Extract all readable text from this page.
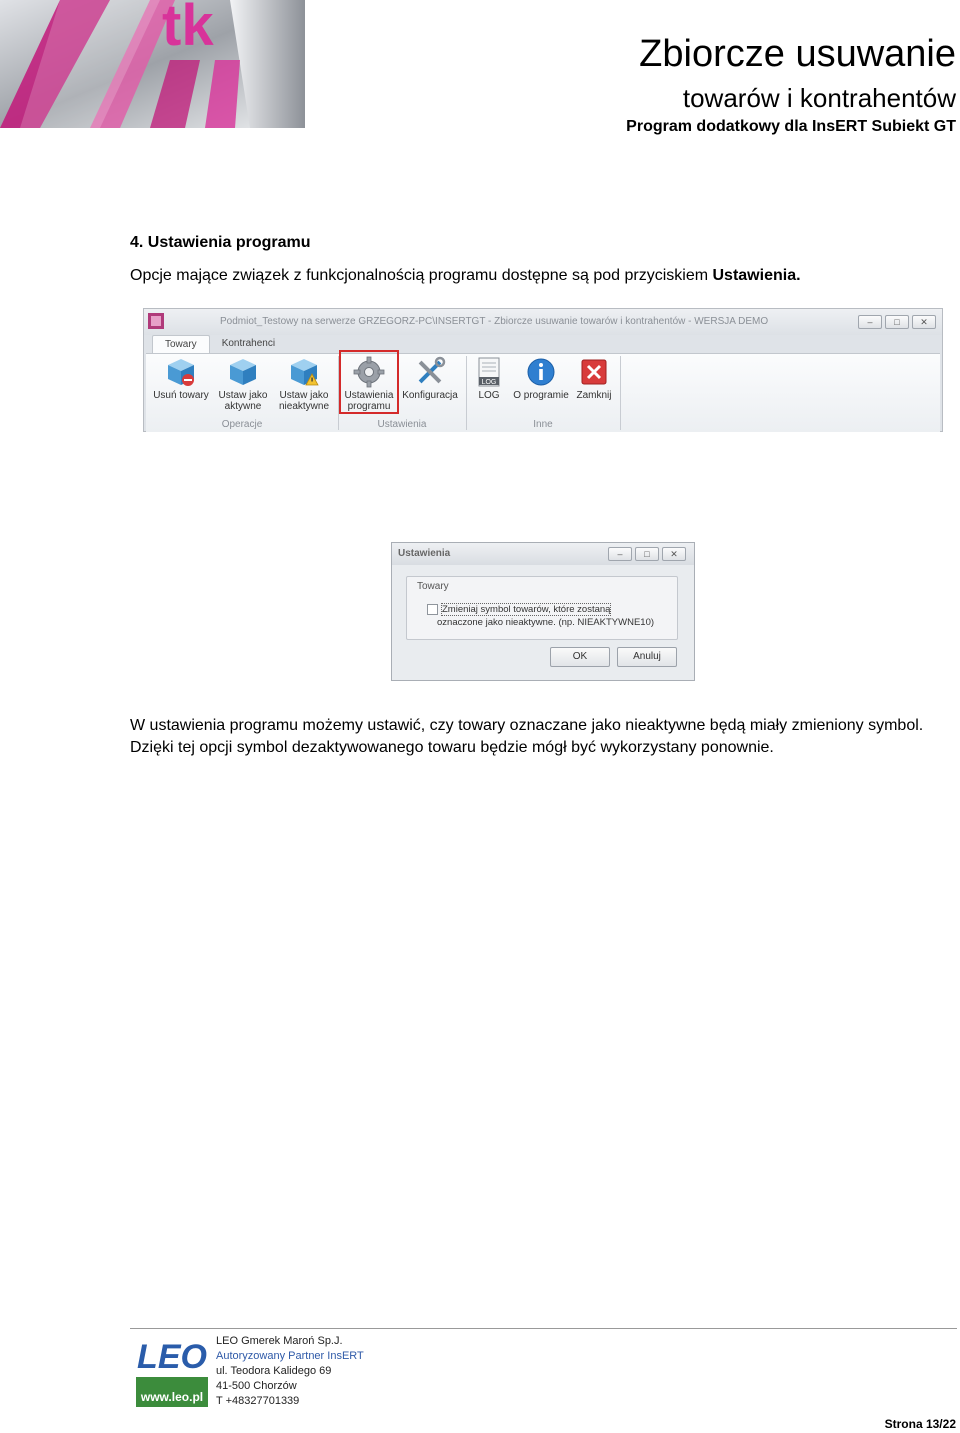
tk	Zbiorcze usuwanie
towarów i kontrahentów
Program dodatkowy dla InsERT Subiekt GT
4. Ustawienia programu
Opcje mające związek z funkcjonalnością programu dostępne są pod przyciskiem Ustawienia.
Podmiot_Testowy na serwerze GRZEGORZ-PC\INSERTGT - Zbiorcze usuwanie towarów i kontrahentów - WERSJA DEMO	–	□	✕
Towary	Kontrahenci
Usuń towary Ustaw jako aktywne
Ustaw jako nieaktywne
Ustawienia programu
Konfiguracja
LOG
LOG	O programie Zamknij
Operacje	Ustawienia	Inne
Ustawienia	–	□	✕
Towary
Zmieniaj symbol towarów, które zostaną

oznaczone jako nieaktywne. (np. NIEAKTYWNE10)
OK	Anuluj
W ustawienia programu możemy ustawić, czy towary oznaczane jako nieaktywne będą miały zmieniony symbol.
Dzięki tej opcji symbol dezaktywowanego towaru będzie mógł być wykorzystany ponownie.
LEO
www.leo.pl
LEO Gmerek Maroń Sp.J.
Autoryzowany Partner InsERT
ul. Teodora Kalidego 69
41-500 Chorzów
T +48327701339
Strona 13/22
